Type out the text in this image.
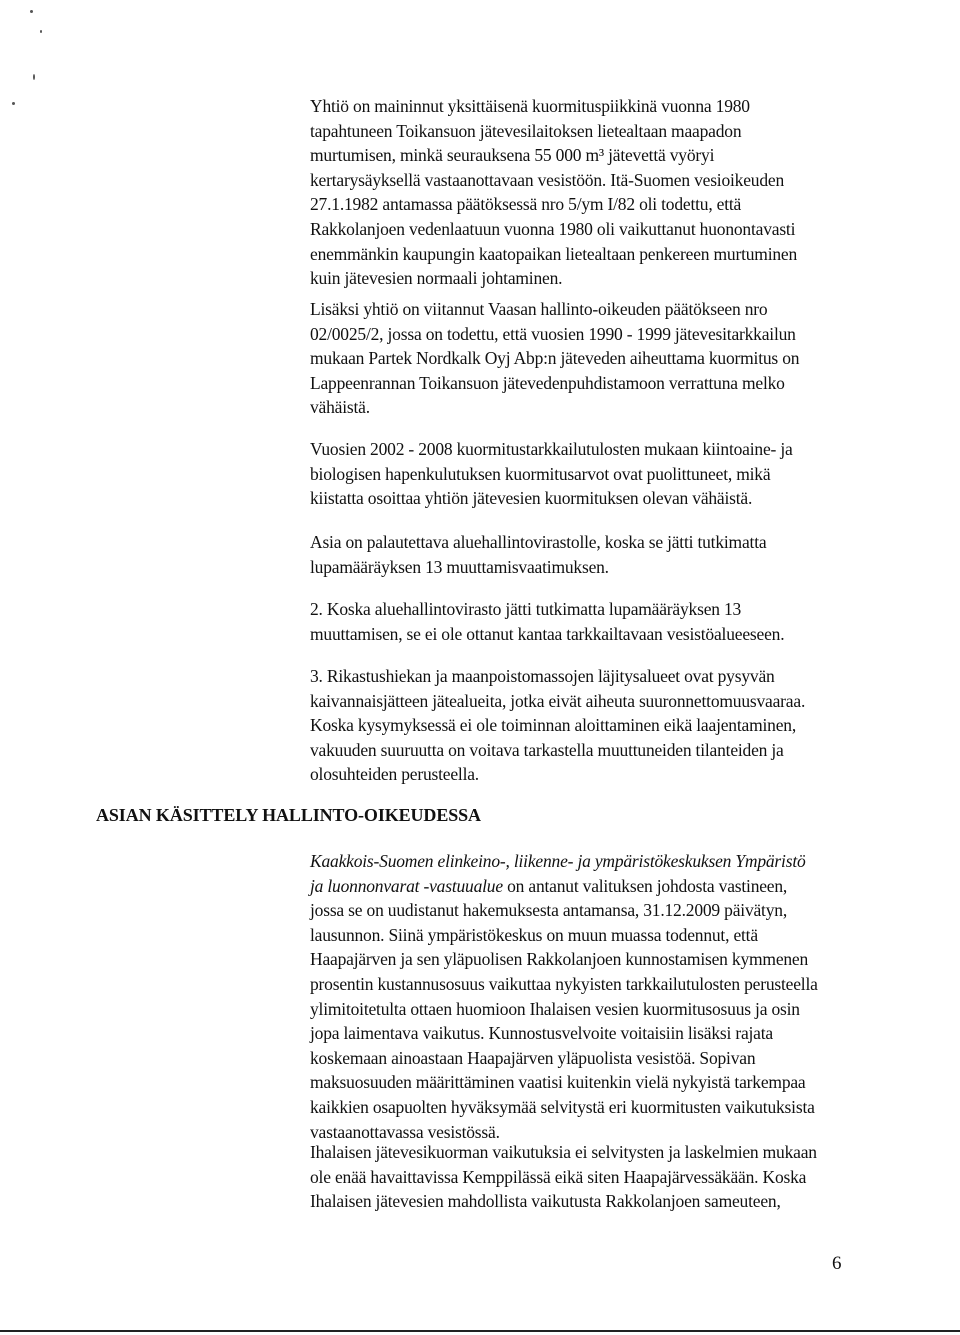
Yhtiö on maininnut yksittäisenä kuormituspiikkinä vuonna 1980
tapahtuneen Toikansuon jätevesilaitoksen lietealtaan maapadon
murtumisen, minkä seurauksena 55 000 m³ jätevettä vyöryi
kertarysäyksellä vastaanottavaan vesistöön. Itä-Suomen vesioikeuden
27.1.1982 antamassa päätöksessä nro 5/ym I/82 oli todettu, että
Rakkolanjoen vedenlaatuun vuonna 1980 oli vaikuttanut huonontavasti
enemmänkin kaupungin kaatopaikan lietealtaan penkereen murtuminen
kuin jätevesien normaali johtaminen.
Lisäksi yhtiö on viitannut Vaasan hallinto-oikeuden päätökseen nro
02/0025/2, jossa on todettu, että vuosien 1990 - 1999 jätevesitarkkailun
mukaan Partek Nordkalk Oyj Abp:n jäteveden aiheuttama kuormitus on
Lappeenrannan Toikansuon jätevedenpuhdistamoon verrattuna melko
vähäistä.
Vuosien 2002 - 2008 kuormitustarkkailutulosten mukaan kiintoaine- ja
biologisen hapenkulutuksen kuormitusarvot ovat puolittuneet, mikä
kiistatta osoittaa yhtiön jätevesien kuormituksen olevan vähäistä.
Asia on palautettava aluehallintovirastolle, koska se jätti tutkimatta
lupamääräyksen 13 muuttamisvaatimuksen.
2. Koska aluehallintovirasto jätti tutkimatta lupamääräyksen 13
muuttamisen, se ei ole ottanut kantaa tarkkailtavaan vesistöalueeseen.
3. Rikastushiekan ja maanpoistomassojen läjitysalueet ovat pysyvän
kaivannaisjätteen jätealueita, jotka eivät aiheuta suuronnettomuusvaaraa.
Koska kysymyksessä ei ole toiminnan aloittaminen eikä laajentaminen,
vakuuden suuruutta on voitava tarkastella muuttuneiden tilanteiden ja
olosuhteiden perusteella.
ASIAN KÄSITTELY HALLINTO-OIKEUDESSA
Kaakkois-Suomen elinkeino-, liikenne- ja ympäristökeskuksen Ympäristö
ja luonnonvarat -vastuualue on antanut valituksen johdosta vastineen,
jossa se on uudistanut hakemuksesta antamansa, 31.12.2009 päivätyn,
lausunnon. Siinä ympäristökeskus on muun muassa todennut, että
Haapajärven ja sen yläpuolisen Rakkolanjoen kunnostamisen kymmenen
prosentin kustannusosuus vaikuttaa nykyisten tarkkailutulosten perusteella
ylimitoitetulta ottaen huomioon Ihalaisen vesien kuormitusosuus ja osin
jopa laimentava vaikutus. Kunnostusvelvoite voitaisiin lisäksi rajata
koskemaan ainoastaan Haapajärven yläpuolista vesistöä. Sopivan
maksuosuuden määrittäminen vaatisi kuitenkin vielä nykyistä tarkempaa
kaikkien osapuolten hyväksymää selvitystä eri kuormitusten vaikutuksista
vastaanottavassa vesistössä.
Ihalaisen jätevesikuorman vaikutuksia ei selvitysten ja laskelmien mukaan
ole enää havaittavissa Kemppilässä eikä siten Haapajärvessäkään. Koska
Ihalaisen jätevesien mahdollista vaikutusta Rakkolanjoen sameuteen,
6
